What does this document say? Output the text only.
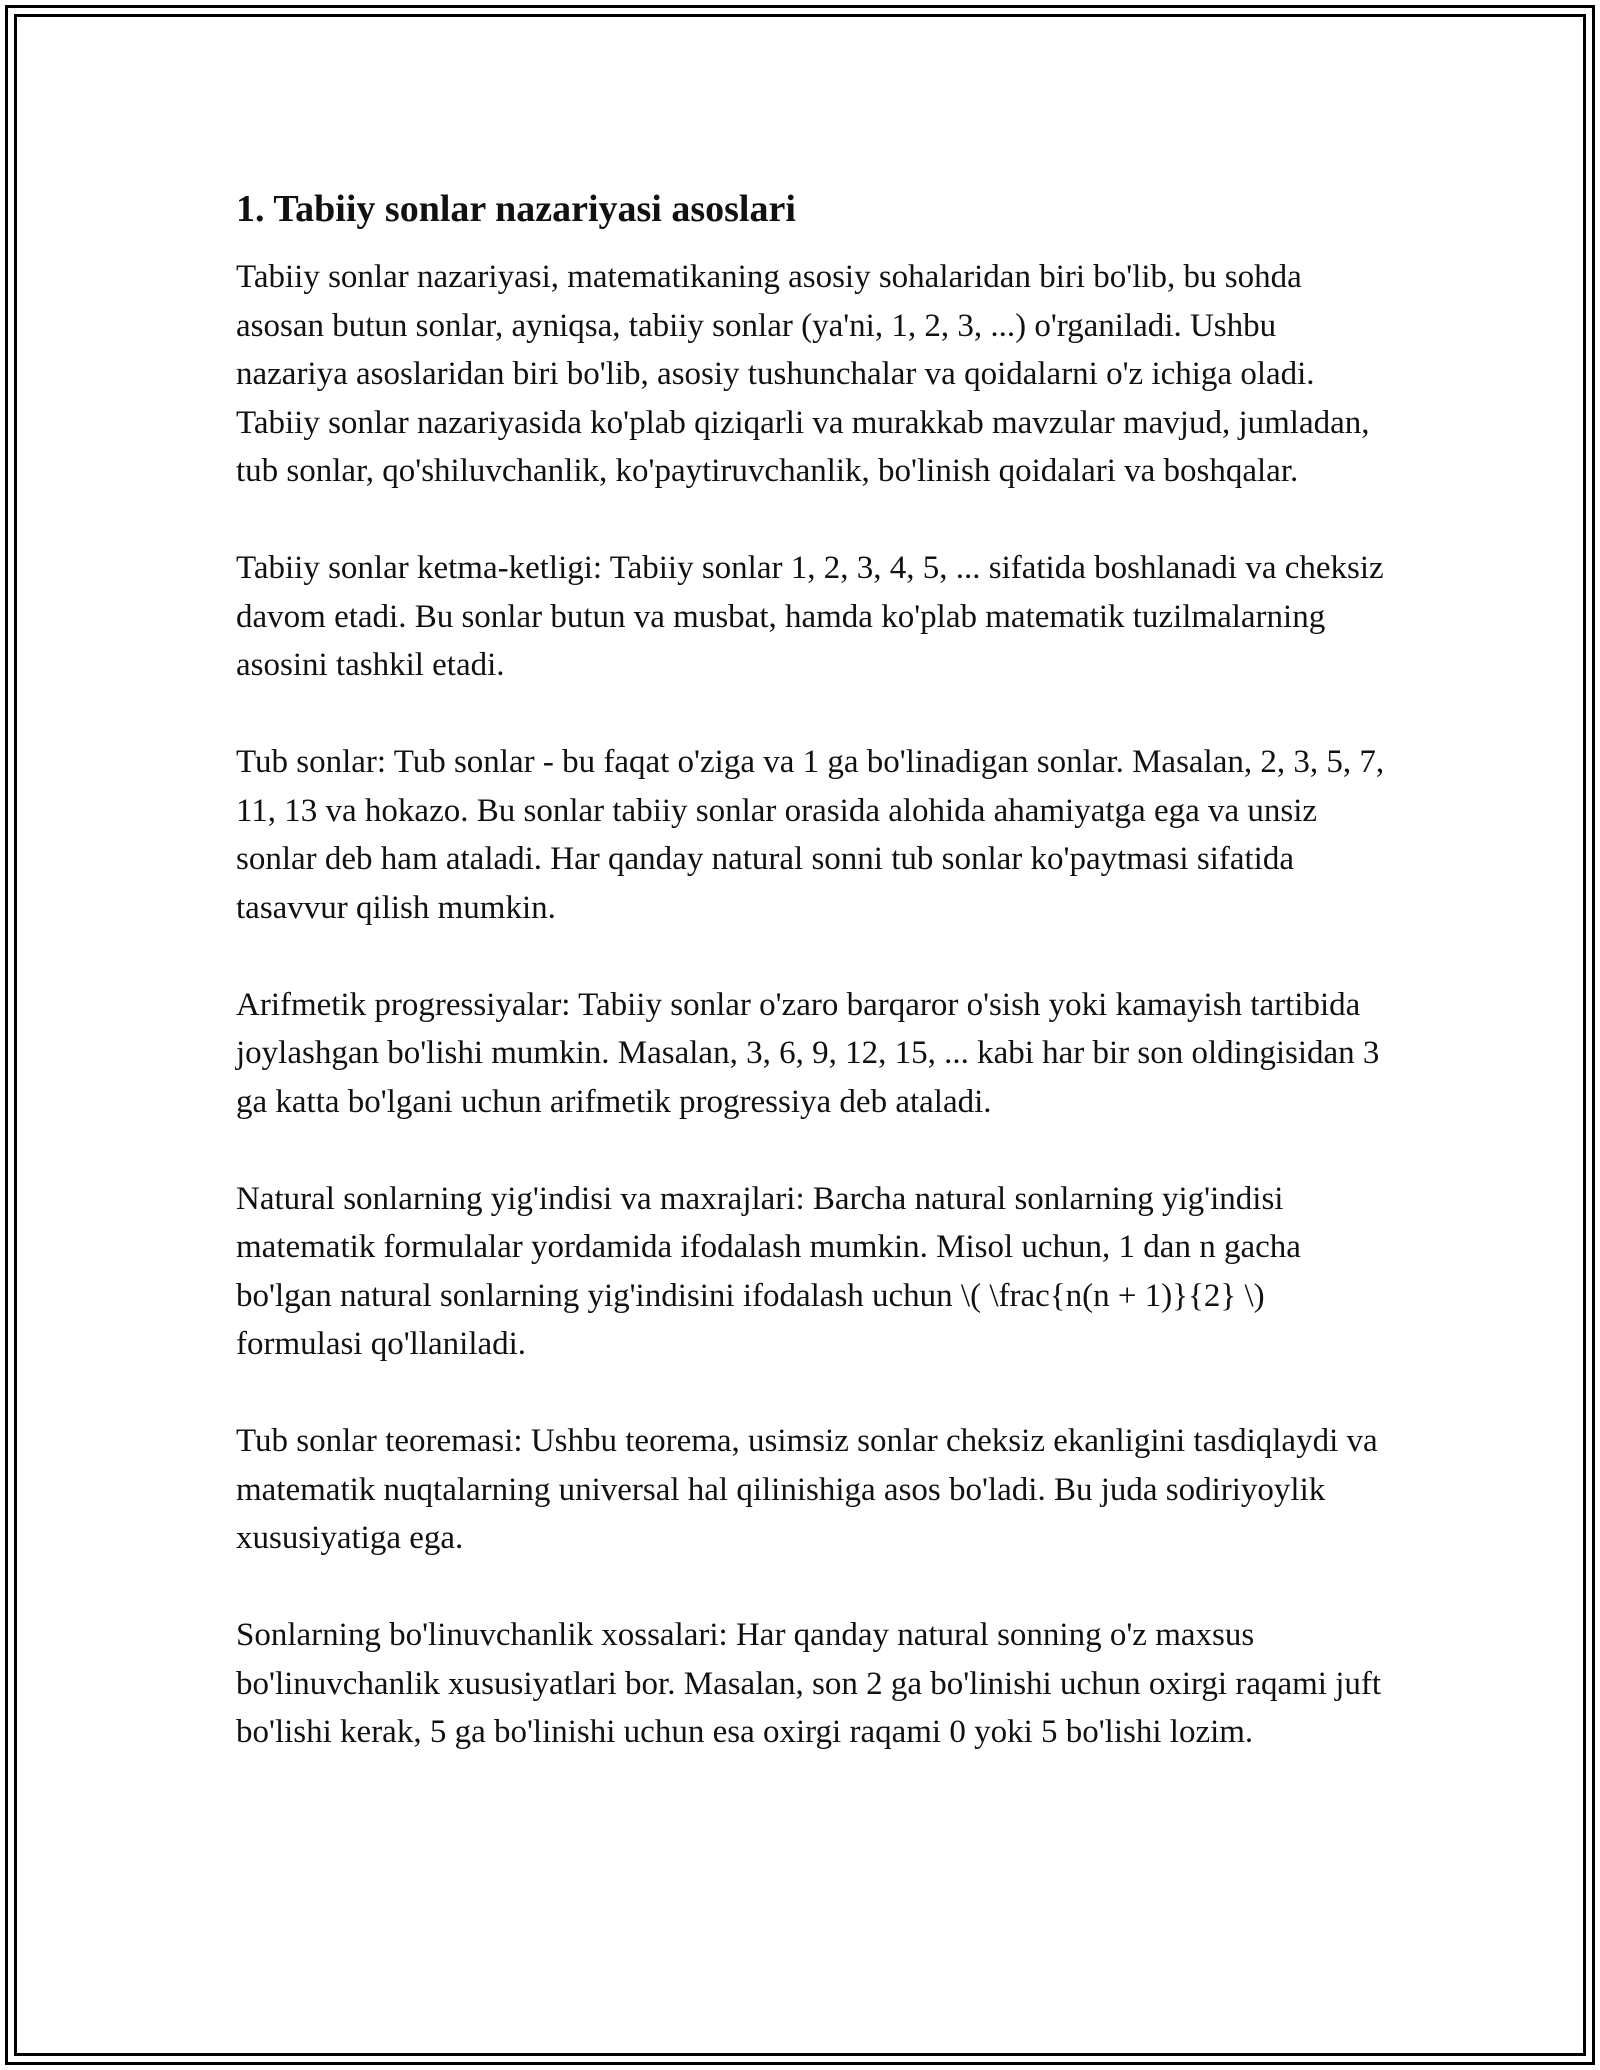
1. Tabiiy sonlar nazariyasi asoslari

Tabiiy sonlar nazariyasi, matematikaning asosiy sohalaridan biri bo'lib, bu sohda asosan butun sonlar, ayniqsa, tabiiy sonlar (ya'ni, 1, 2, 3, ...) o'rganiladi. Ushbu nazariya asoslaridan biri bo'lib, asosiy tushunchalar va qoidalarni o'z ichiga oladi. Tabiiy sonlar nazariyasida ko'plab qiziqarli va murakkab mavzular mavjud, jumladan, tub sonlar, qo'shiluvchanlik, ko'paytiruvchanlik, bo'linish qoidalari va boshqalar.

Tabiiy sonlar ketma-ketligi: Tabiiy sonlar 1, 2, 3, 4, 5, ... sifatida boshlanadi va cheksiz davom etadi. Bu sonlar butun va musbat, hamda ko'plab matematik tuzilmalarning asosini tashkil etadi.

Tub sonlar: Tub sonlar - bu faqat o'ziga va 1 ga bo'linadigan sonlar. Masalan, 2, 3, 5, 7, 11, 13 va hokazo. Bu sonlar tabiiy sonlar orasida alohida ahamiyatga ega va unsiz sonlar deb ham ataladi. Har qanday natural sonni tub sonlar ko'paytmasi sifatida tasavvur qilish mumkin.

Arifmetik progressiyalar: Tabiiy sonlar o'zaro barqaror o'sish yoki kamayish tartibida joylashgan bo'lishi mumkin. Masalan, 3, 6, 9, 12, 15, ... kabi har bir son oldingisidan 3 ga katta bo'lgani uchun arifmetik progressiya deb ataladi.

Natural sonlarning yig'indisi va maxrajlari: Barcha natural sonlarning yig'indisi matematik formulalar yordamida ifodalash mumkin. Misol uchun, 1 dan n gacha bo'lgan natural sonlarning yig'indisini ifodalash uchun \( \frac{n(n + 1)}{2} \) formulasi qo'llaniladi.

Tub sonlar teoremasi: Ushbu teorema, usimsiz sonlar cheksiz ekanligini tasdiqlaydi va matematik nuqtalarning universal hal qilinishiga asos bo'ladi. Bu juda sodiriyoylik xususiyatiga ega.

Sonlarning bo'linuvchanlik xossalari: Har qanday natural sonning o'z maxsus bo'linuvchanlik xususiyatlari bor. Masalan, son 2 ga bo'linishi uchun oxirgi raqami juft bo'lishi kerak, 5 ga bo'linishi uchun esa oxirgi raqami 0 yoki 5 bo'lishi lozim.
